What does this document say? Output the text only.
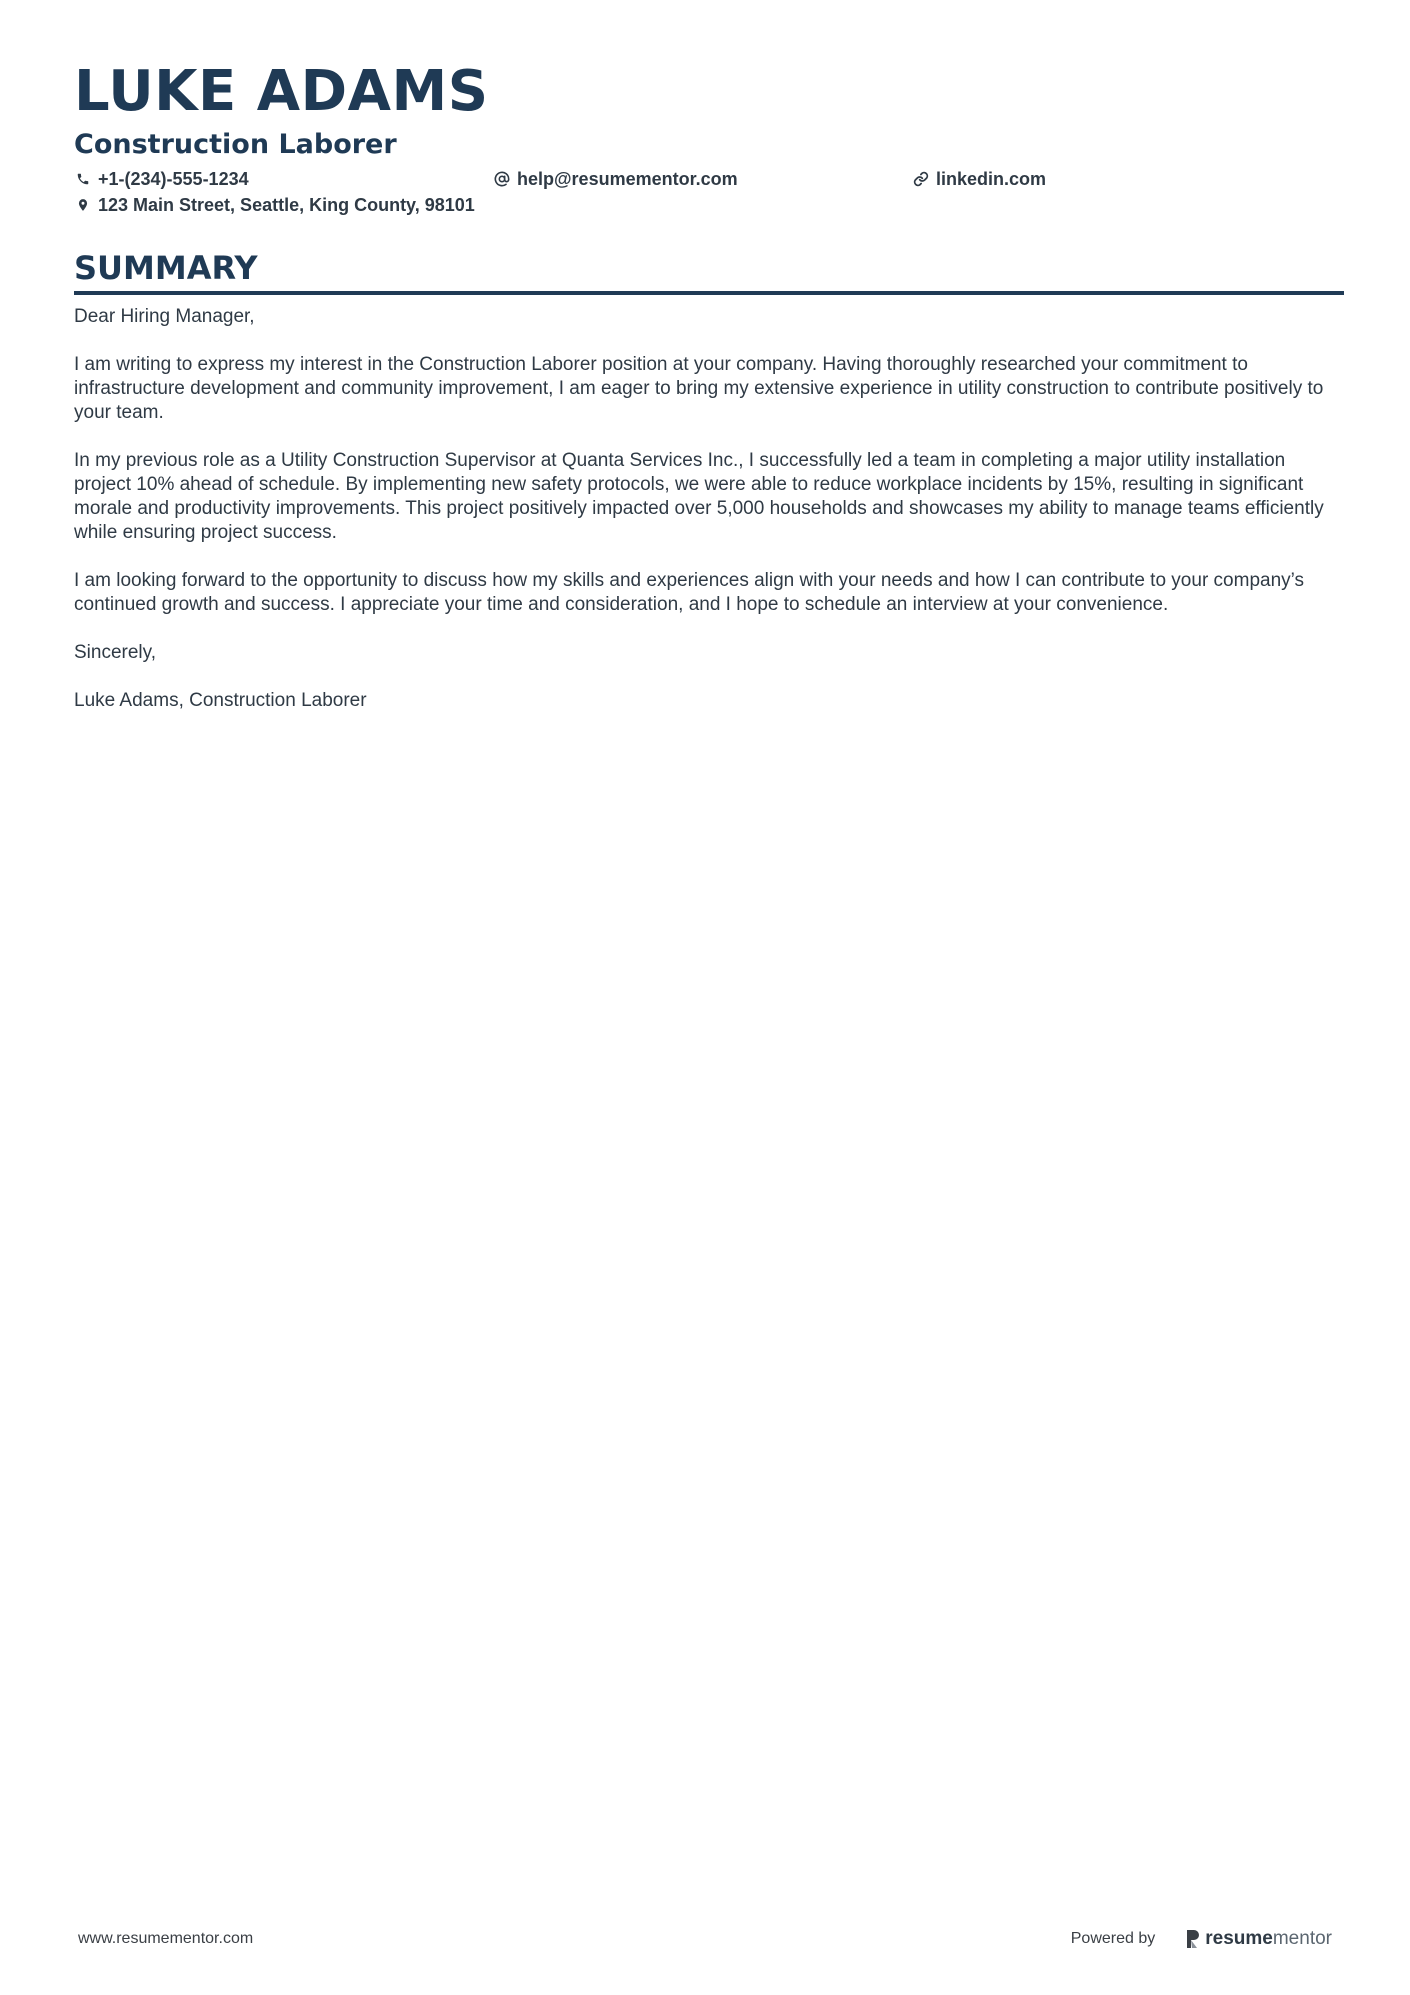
LUKE ADAMS
Construction Laborer
+1-(234)-555-1234	help@resumementor.com	linkedin.com
123 Main Street, Seattle, King County, 98101
SUMMARY

Dear Hiring Manager,

I am writing to express my interest in the Construction Laborer position at your company. Having thoroughly researched your commitment to infrastructure development and community improvement, I am eager to bring my extensive experience in utility construction to contribute positively to your team.

In my previous role as a Utility Construction Supervisor at Quanta Services Inc., I successfully led a team in completing a major utility installation project 10% ahead of schedule. By implementing new safety protocols, we were able to reduce workplace incidents by 15%, resulting in significant morale and productivity improvements. This project positively impacted over 5,000 households and showcases my ability to manage teams efficiently while ensuring project success.

I am looking forward to the opportunity to discuss how my skills and experiences align with your needs and how I can contribute to your company’s continued growth and success. I appreciate your time and consideration, and I hope to schedule an interview at your convenience.

Sincerely,

Luke Adams, Construction Laborer

www.resumementor.com	Powered by	resume mentor
